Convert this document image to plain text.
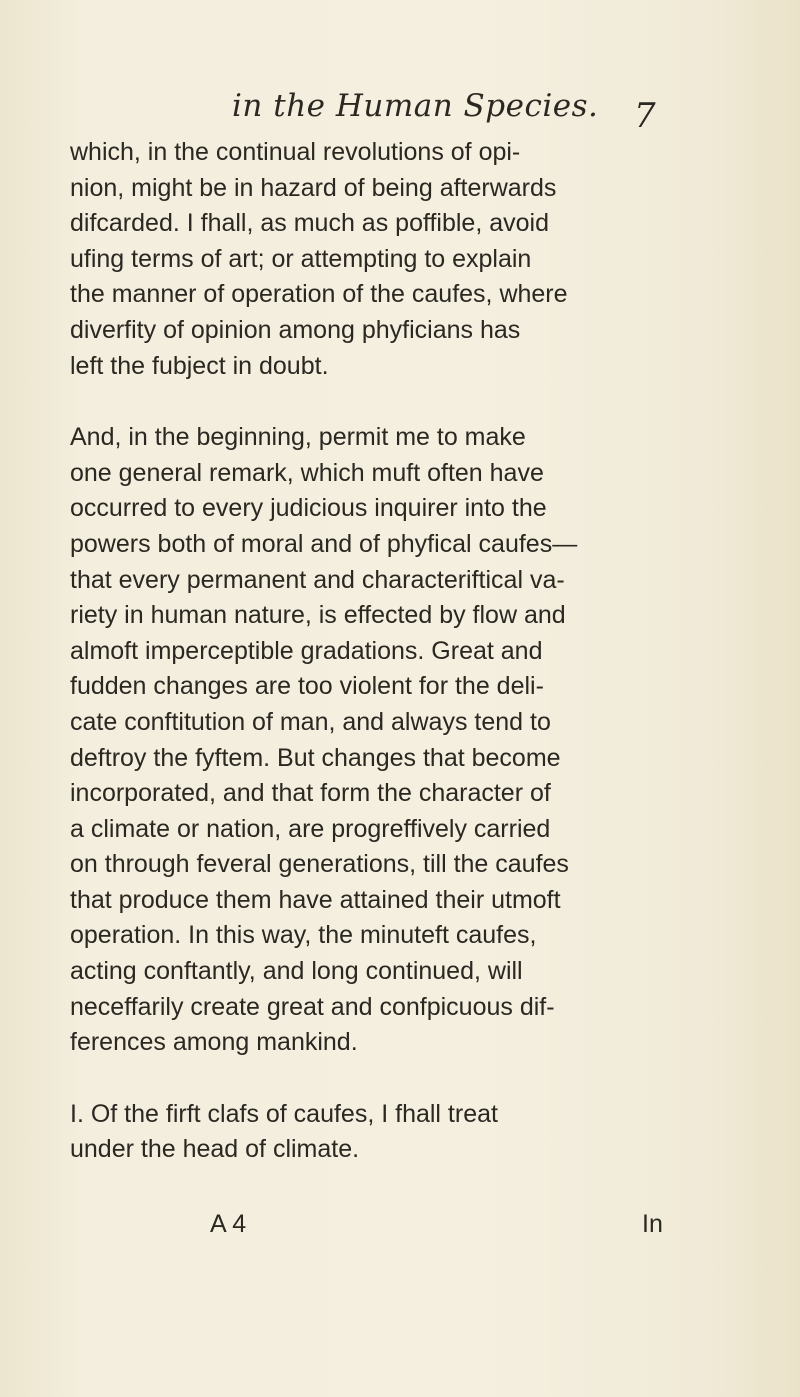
in the Human Species. 7
which, in the continual revolutions of opi-
nion, might be in hazard of being afterwards
difcarded. I fhall, as much as poffible, avoid
ufing terms of art; or attempting to explain
the manner of operation of the caufes, where
diverfity of opinion among phyficians has
left the fubject in doubt.
And, in the beginning, permit me to make
one general remark, which muft often have
occurred to every judicious inquirer into the
powers both of moral and of phyfical caufes—
that every permanent and characteriftical va-
riety in human nature, is effected by flow and
almoft imperceptible gradations. Great and
fudden changes are too violent for the deli-
cate conftitution of man, and always tend to
deftroy the fyftem. But changes that become
incorporated, and that form the character of
a climate or nation, are progreffively carried
on through feveral generations, till the caufes
that produce them have attained their utmoft
operation. In this way, the minuteft caufes,
acting conftantly, and long continued, will
neceffarily create great and confpicuous dif-
ferences among mankind.
I. Of the firft clafs of caufes, I fhall treat
under the head of climate.
A 4	In
